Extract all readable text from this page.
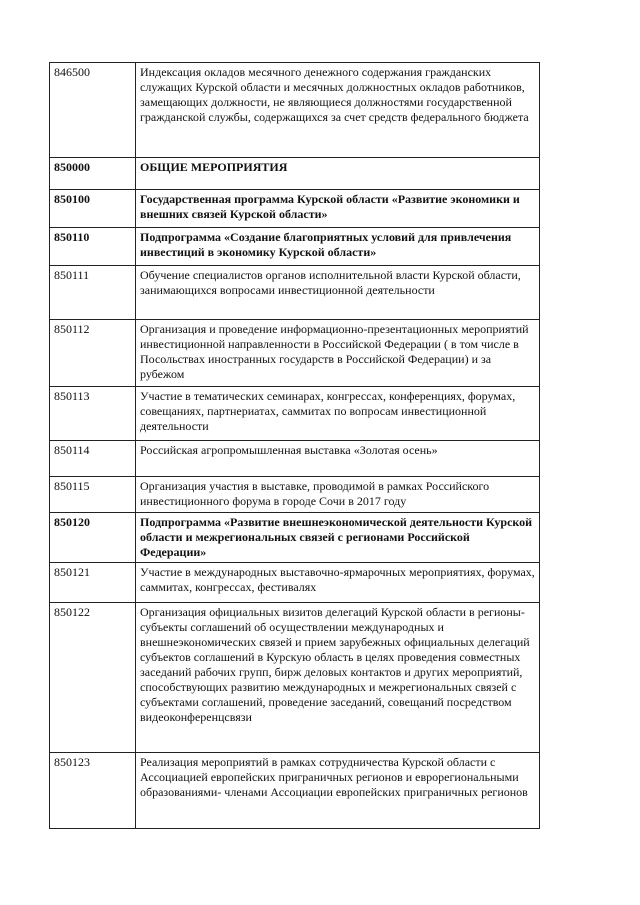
846500	Индексация окладов месячного денежного содержания гражданских служащих Курской области и месячных должностных окладов работников, замещающих должности, не являющиеся должностями государственной гражданской службы, содержащихся за счет средств федерального бюджета
850000	ОБЩИЕ МЕРОПРИЯТИЯ
850100	Государственная программа Курской области «Развитие экономики и внешних связей Курской области»
850110	Подпрограмма «Создание благоприятных условий для привлечения инвестиций в экономику Курской области»
850111	Обучение специалистов органов исполнительной власти Курской области, занимающихся вопросами инвестиционной деятельности
850112	Организация и проведение информационно-презентационных мероприятий инвестиционной направленности в Российской Федерации ( в том числе в Посольствах иностранных государств в Российской Федерации) и за рубежом
850113	Участие в тематических семинарах, конгрессах, конференциях, форумах, совещаниях, партнериатах, саммитах по вопросам инвестиционной деятельности
850114	Российская агропромышленная выставка «Золотая осень»
850115	Организация участия в выставке, проводимой в рамках Российского инвестиционного форума в городе Сочи в 2017 году
850120	Подпрограмма «Развитие внешнеэкономической деятельности Курской области и межрегиональных связей с регионами Российской Федерации»
850121	Участие в международных выставочно-ярмарочных мероприятиях, форумах, саммитах, конгрессах, фестивалях
850122	Организация официальных визитов делегаций Курской области в регионы-субъекты соглашений об осуществлении международных и внешнеэкономических связей и прием зарубежных официальных делегаций субъектов соглашений в Курскую область в целях проведения совместных заседаний рабочих групп, бирж деловых контактов и других мероприятий, способствующих развитию международных и межрегиональных связей с субъектами соглашений, проведение заседаний, совещаний посредством видеоконференцсвязи
850123	Реализация мероприятий в рамках сотрудничества Курской области с Ассоциацией европейских приграничных регионов и еврорегиональными образованиями- членами Ассоциации европейских приграничных регионов
